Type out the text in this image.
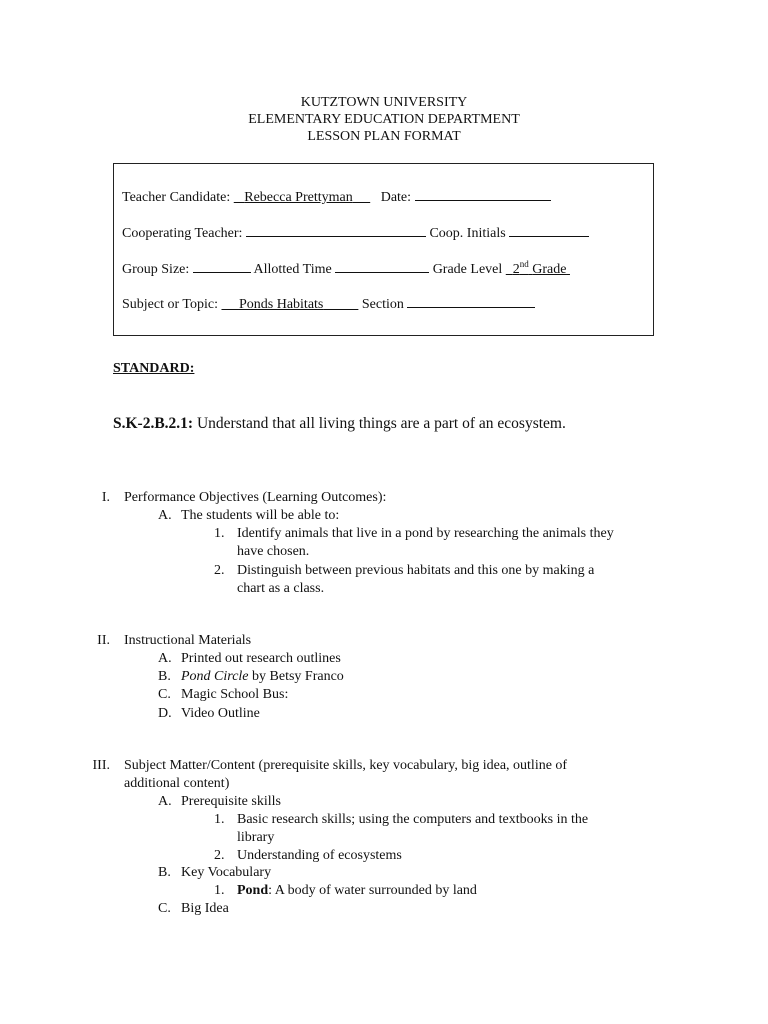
KUTZTOWN UNIVERSITY
ELEMENTARY EDUCATION DEPARTMENT
LESSON PLAN FORMAT
Teacher Candidate: Rebecca Prettyman Date:
Cooperating Teacher:	Coop. Initials
Group Size:	Allotted Time	Grade Level 2nd Grade
Subject or Topic: Ponds Habitats	Section
STANDARD:
S.K-2.B.2.1: Understand that all living things are a part of an ecosystem.
I. Performance Objectives (Learning Outcomes):
A. The students will be able to:
1. Identify animals that live in a pond by researching the animals they
have chosen.
2. Distinguish between previous habitats and this one by making a
chart as a class.
II. Instructional Materials
A. Printed out research outlines
B. Pond Circle by Betsy Franco
C. Magic School Bus:
D. Video Outline
III. Subject Matter/Content (prerequisite skills, key vocabulary, big idea, outline of
additional content)
A. Prerequisite skills
1. Basic research skills; using the computers and textbooks in the
library
2. Understanding of ecosystems
B. Key Vocabulary
1. Pond: A body of water surrounded by land
C. Big Idea
